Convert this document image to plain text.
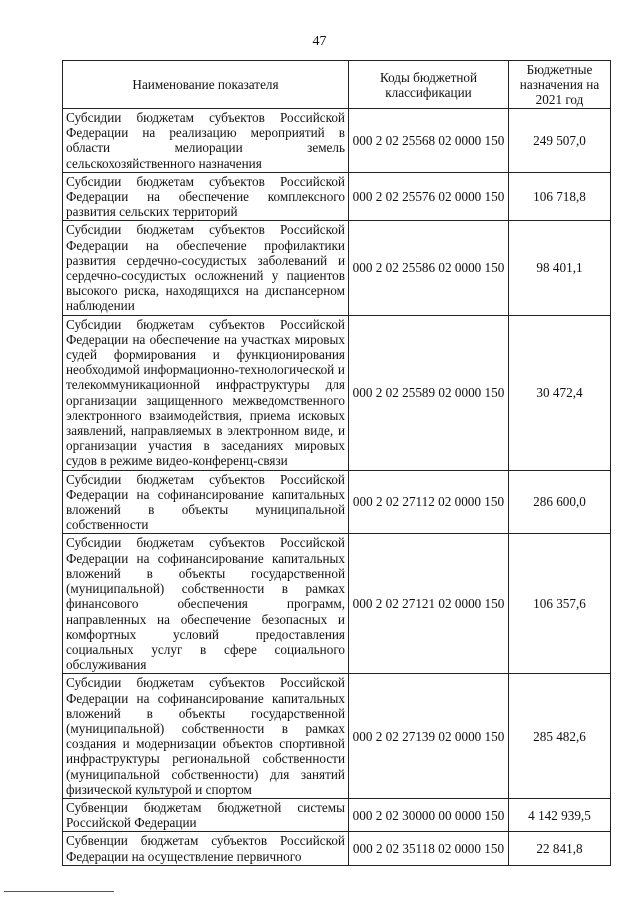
47
Наименование показателя	Коды бюджетной классификации	Бюджетные назначения на 2021 год
Субсидии бюджетам субъектов Российской Федерации на реализацию мероприятий в области мелиорации земель сельскохозяйственного назначения	000 2 02 25568 02 0000 150	249 507,0
Субсидии бюджетам субъектов Российской Федерации на обеспечение комплексного развития сельских территорий	000 2 02 25576 02 0000 150	106 718,8
Субсидии бюджетам субъектов Российской Федерации на обеспечение профилактики развития сердечно-сосудистых заболеваний и сердечно-сосудистых осложнений у пациентов высокого риска, находящихся на диспансерном наблюдении	000 2 02 25586 02 0000 150	98 401,1
Субсидии бюджетам субъектов Российской Федерации на обеспечение на участках мировых судей формирования и функционирования необходимой информационно-технологической и телекоммуникационной инфраструктуры для организации защищенного межведомственного электронного взаимодействия, приема исковых заявлений, направляемых в электронном виде, и организации участия в заседаниях мировых судов в режиме видео-конференц-связи	000 2 02 25589 02 0000 150	30 472,4
Субсидии бюджетам субъектов Российской Федерации на софинансирование капитальных вложений в объекты муниципальной собственности	000 2 02 27112 02 0000 150	286 600,0
Субсидии бюджетам субъектов Российской Федерации на софинансирование капитальных вложений в объекты государственной (муниципальной) собственности в рамках финансового обеспечения программ, направленных на обеспечение безопасных и комфортных условий предоставления социальных услуг в сфере социального обслуживания	000 2 02 27121 02 0000 150	106 357,6
Субсидии бюджетам субъектов Российской Федерации на софинансирование капитальных вложений в объекты государственной (муниципальной) собственности в рамках создания и модернизации объектов спортивной инфраструктуры региональной собственности (муниципальной собственности) для занятий физической культурой и спортом	000 2 02 27139 02 0000 150	285 482,6
Субвенции бюджетам бюджетной системы Российской Федерации	000 2 02 30000 00 0000 150	4 142 939,5
Субвенции бюджетам субъектов Российской Федерации на осуществление первичного	000 2 02 35118 02 0000 150	22 841,8
